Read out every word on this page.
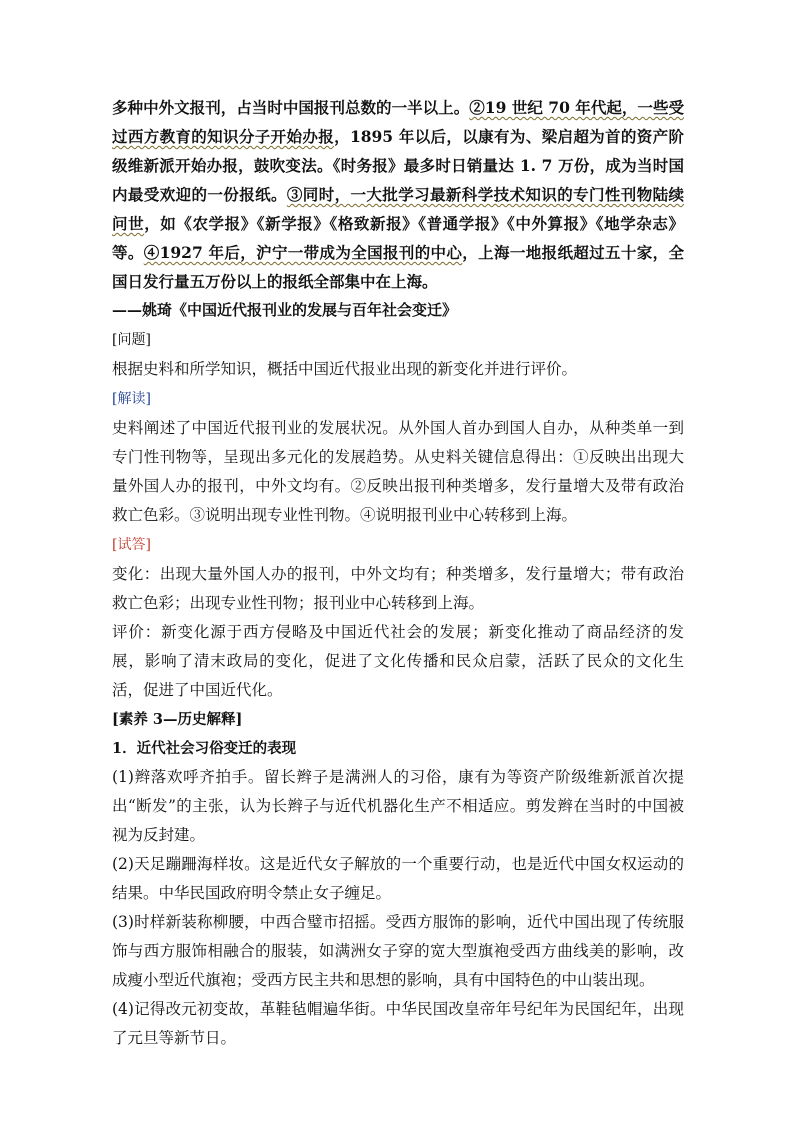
多种中外文报刊，占当时中国报刊总数的一半以上。②19 世纪 70 年代起，一些受过西方教育的知识分子开始办报，1895 年以后，以康有为、梁启超为首的资产阶级维新派开始办报，鼓吹变法。《时务报》最多时日销量达 1. 7 万份，成为当时国内最受欢迎的一份报纸。③同时，一大批学习最新科学技术知识的专门性刊物陆续问世，如《农学报》《新学报》《格致新报》《普通学报》《中外算报》《地学杂志》等。④1927 年后，沪宁一带成为全国报刊的中心，上海一地报纸超过五十家，全国日发行量五万份以上的报纸全部集中在上海。

——姚琦《中国近代报刊业的发展与百年社会变迁》

[问题]

根据史料和所学知识，概括中国近代报业出现的新变化并进行评价。

[解读]

史料阐述了中国近代报刊业的发展状况。从外国人首办到国人自办，从种类单一到专门性刊物等，呈现出多元化的发展趋势。从史料关键信息得出：①反映出出现大量外国人办的报刊，中外文均有。②反映出报刊种类增多，发行量增大及带有政治救亡色彩。③说明出现专业性刊物。④说明报刊业中心转移到上海。

[试答]

变化：出现大量外国人办的报刊，中外文均有；种类增多，发行量增大；带有政治救亡色彩；出现专业性刊物；报刊业中心转移到上海。

评价：新变化源于西方侵略及中国近代社会的发展；新变化推动了商品经济的发展，影响了清末政局的变化，促进了文化传播和民众启蒙，活跃了民众的文化生活，促进了中国近代化。

[素养 3—历史解释]

1．近代社会习俗变迁的表现

(1)辫落欢呼齐拍手。留长辫子是满洲人的习俗，康有为等资产阶级维新派首次提出“断发”的主张，认为长辫子与近代机器化生产不相适应。剪发辫在当时的中国被视为反封建。

(2)天足蹦跚海样妆。这是近代女子解放的一个重要行动，也是近代中国女权运动的结果。中华民国政府明令禁止女子缠足。

(3)时样新装称柳腰，中西合璧市招摇。受西方服饰的影响，近代中国出现了传统服饰与西方服饰相融合的服装，如满洲女子穿的宽大型旗袍受西方曲线美的影响，改成瘦小型近代旗袍；受西方民主共和思想的影响，具有中国特色的中山装出现。

(4)记得改元初变故，革鞋毡帽遍华街。中华民国改皇帝年号纪年为民国纪年，出现了元旦等新节日。
